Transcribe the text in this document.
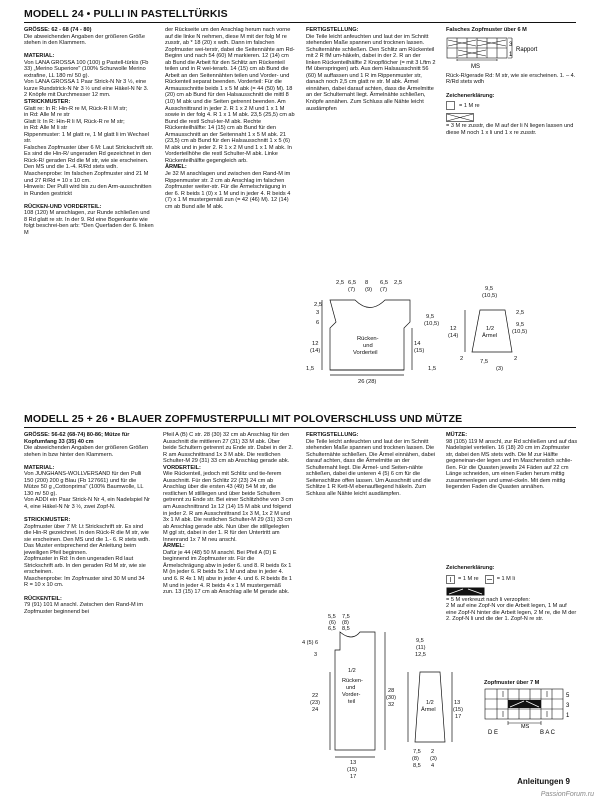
MODELL 24 • PULLI IN PASTELLTÜRKIS

GRÖSSE: 62 - 68 (74 - 80)

Die abweichenden Angaben der größeren Größe stehen in den Klammern.

MATERIAL:

Von LANA GROSSA 100 (100) g Pastell-türkis (Fb 33) „Merino Superiore" (100% Schurwolle Merino extrafine, LL 180 m/ 50 g).

Von LANA GROSSA 1 Paar Strick-N Nr 3 ½, eine kurze Rundstrick-N Nr 3 ½ und eine Häkel-N Nr 3.

2 Knöpfe mit Durchmesser 12 mm.

STRICKMUSTER:

Glatt re: In R: Hin-R re M, Rück-R li M str;

in Rd: Alle M re str

Glatt li: In R: Hin-R li M, Rück-R re M str;

in Rd: Alle M li str

Rippenmuster: 1 M glatt re, 1 M glatt li im Wechsel str.

Falsches Zopfmuster über 6 M: Laut Strickschrift str. Es sind die Hin-R/ ungeraden Rd gezeichnet in den Rück-R/ geraden Rd die M str, wie sie erscheinen. Den MS und die 1.-4. R/Rd stets wdh.

Maschenprobe: Im falschen Zopfmuster sind 21 M und 27 R/Rd = 10 x 10 cm.

Hinweis: Der Pulli wird bis zu den Arm-ausschnitten in Runden gestrickt

RÜCKEN-UND VORDERTEIL:

108 (120) M anschlagen, zur Runde schließen und 8 Rd glatt re str. In der 9. Rd eine Bogenkante wie folgt beschrei-ben arb: *Den Querfaden der 6. linken M

der Rückseite um den Anschlag herum nach vorne auf die linke N nehmen, diese M mit der folg M re zusstr, ab * 18 (20) x wdh. Dann im falschen Zopfmuster wei-terstr, dabei die Seitennähte am Rd-Beginn und nach 54 (60) M markieren. 12 (14) cm ab Bund die Arbeit für den Schlitz am Rückenteil teilen und in R wei-terarb. 14 (15) cm ab Bund die Arbeit an den Seitennähten teilen und Vorder- und Rückenteil separat beenden. Vorderteil: Für die Armausschnitte beids 1 x 5 M abk (= 44 (50) M). 18 (20) cm ab Bund für den Halsausschnitt die mittl 8 (10) M abk und die Seiten getrennt beenden. Am Ausschnittrand in jeder 2. R 1 x 2 M und 1 x 1 M sowie in der folg 4. R 1 x 1 M abk. 23,5 (25,5) cm ab Bund die restl Schul-ter-M abk. Rechte Rückenteilhälfte: 14 (15) cm ab Bund für den Armausschnitt an der Seitennaht 1 x 5 M abk. 21 (23,5) cm ab Bund für den Halsausschnitt 1 x 5 (6) M abk und in jeder 2. R 1 x 2 M und 1 x 1 M abk. In Vorderteilhöhe die restl Schulter-M abk. Linke Rückenteilhälfte gegengleich arb.

ÄRMEL:

Je 32 M anschlagen und zwischen den Rand-M im Rippenmuster str. 2 cm ab Anschlag im falschen Zopfmuster weiter-str. Für die Ärmelschrägung in der 6. R beids 1 (0) x 1 M und in jeder 4. R beids 4 (7) x 1 M mustergemäß zun (= 42 (46) M). 12 (14) cm ab Bund alle M abk.

FERTIGSTELLUNG:

Die Teile leicht anfeuchten und laut der im Schnitt stehenden Maße spannen und trocknen lassen. Schulternähte schließen. Den Schlitz am Rückenteil mit 2 R fM um-häkeln, dabei in der 2. R an der linken Rückenteilhälfte 2 Knopflöcher (= mit 3 Lftm 2 fM überspringen) arb. Aus dem Halsausschnitt 56 (60) M auffassen und 1 R im Rippenmuster str, danach noch 2,5 cm glatt re str. M abk. Ärmel einnähen, dabei darauf achten, dass die Ärmelmitte an der Schulternaht liegt. Ärmelnähte schließen, Knöpfe annähen. Zum Schluss alle Nähte leicht ausdämpfen

Falsches Zopfmuster über 6 M
3
1
Rapport
MS
Rück-R/gerade Rd: M str, wie sie erscheinen. 1. – 4. R/Rd stets wdh
Zeichenerklärung:
= 1 M re
= 3 M re zusstr, die M auf der li N liegen lassen und diese M noch 1 x li und 1 x re zusstr.
2,5 6,5 8 6,5 2,5
(7) (9) (7)
2,5
3
6
12
(14)
1,5
Rücken-
und
Vorderteil
14
(15)
26 (28)
9,5
(10,5)
1,5
9,5
(10,5)
2,5
9,5
(10,5)
12
(14)
1/2
Ärmel
7,5
(3)
2	2
MODELL 25 + 26 • BLAUER ZOPFMUSTERPULLI MIT POLOVERSCHLUSS UND MÜTZE

GRÖSSE: 56-62 (68-74) 80-86; Mütze für Kopfumfang 33 (35) 40 cm

Die abweichenden Angaben der größeren Größen stehen in bzw hinter den Klammern.

MATERIAL:

Von JUNGHANS-WOLLVERSAND für den Pulli 150 (200) 200 g Blau (Fb 127661) und für die Mütze 50 g „Cottonprima" (100% Baumwolle, LL 130 m/ 50 g).

Von ADDI ein Paar Strick-N Nr 4, ein Nadelspiel Nr 4, eine Häkel-N Nr 3 ½, zwei Zopf-N.

STRICKMUSTER:

Zopfmuster über 7 M: Lt Strickschrift str. Es sind die Hin-R gezeichnet. In den Rück-R die M str, wie sie erscheinen. Den MS und die 1.- 6. R stets wdh. Das Muster entsprechend der Anleitung beim jeweiligen Pfeil beginnen.

Zopfmuster in Rd: In den ungeraden Rd laut Strickschrift arb. In den geraden Rd M str, wie sie erscheinen.

Maschenprobe: Im Zopfmuster sind 30 M und 34 R = 10 x 10 cm.

RÜCKENTEIL:

79 (91) 101 M anschl. Zwischen den Rand-M im Zopfmuster beginnend bei

Pfeil A (B) C str. 28 (30) 32 cm ab Anschlag für den Ausschnitt die mittleren 27 (31) 33 M abk. Über beide Schultern getrennt zu Ende str. Dabei in der 2. R am Ausschnittrand 1x 3 M abk. Die restlichen Schulter-M 29 (31) 33 cm ab Anschlag gerade abk.

VORDERTEIL:

Wie Rückenteil, jedoch mit Schlitz und tie-ferem Ausschnitt. Für den Schlitz 22 (23) 24 cm ab Anschlag über die ersten 43 (49) 54 M str, die restlichen M stilllegen und über beide Schultern getrennt zu Ende str. Bei einer Schlitzhöhe von 3 cm am Ausschnittrand 1x 12 (14) 15 M abk und folgend in jeder 2. R am Ausschnittrand 1x 3 M, 1x 2 M und 3x 1 M abk. Die restlichen Schulter-M 29 (31) 33 cm ab Anschlag gerade abk. Nun über die stillgelegten M ggl str, dabei in der 1. R für den Untertritt am Innenrand 1x 7 M neu anschl.

ÄRMEL:

Dafür je 44 (48) 50 M anschl. Bei Pfeil A (D) E beginnend im Zopfmuster str. Für die Ärmelschrägung abw in jeder 6. und 8. R beids 6x 1 M (in jeder 6. R beids 5x 1 M und abw in jeder 4. und 6. R 4x 1 M) abw in jeder 4. und 6. R beids 8x 1 M und in jeder 4. R beids 4 x 1 M mustergemäß zun. 13 (15) 17 cm ab Anschlag alle M gerade abk.

FERTIGSTELLUNG:

Die Teile leicht anfeuchten und laut der im Schnitt stehenden Maße spannen und trocknen lassen. Die Schulternähte schließen. Die Ärmel einnähen, dabei darauf achten, dass die Ärmelmitte an der Schulternaht liegt. Die Ärmel- und Seiten-nähte schließen, dabei die unteren 4 (5) 6 cm für die Seitenschlitze offen lassen. Um Ausschnitt und die Schlitze 1 R Kett-M ebenaufliegend häkeln. Zum Schluss alle Nähte leicht ausdämpfen.

MÜTZE:

98 (105) 119 M anschl, zur Rd schließen und auf das Nadelspiel verteilen. 16 (18) 20 cm im Zopfmuster str, dabei den MS stets wdh. Die M zur Hälfte gegeneinan-der legen und im Maschenstich schlie-ßen. Für die Quasten jeweils 24 Fäden auf 22 cm Länge schneiden, um einen Faden herum mittig zusammenlegen und umwi-ckeln. Mit dem mittig liegenden Faden die Quasten annähen.

Zeichenerklärung:
= 1 M re	= 1 M li
= 5 M verkreuzt nach li verzopfen:
2 M auf eine Zopf-N vor die Arbeit legen, 1 M auf eine Zopf-N hinter die Arbeit legen, 2 M re, die M der 2. Zopf-N li und die der 1. Zopf-N re str.
Zopfmuster über 7 M
5
3
1
MS
D E	B A C
5,5 7,5
(6) (8)
6,5 8,5
4 (5) 6
3
22
(23)
24
1/2
Rücken-
und
Vorder-
teil
28
(30)
32
13
(15)
17
9,5
(11)
12,5
1/2
Ärmel
13
(15)
17
7,5
(8)
8,5
2
(3)
4
Anleitungen 9
PassionForum.ru
